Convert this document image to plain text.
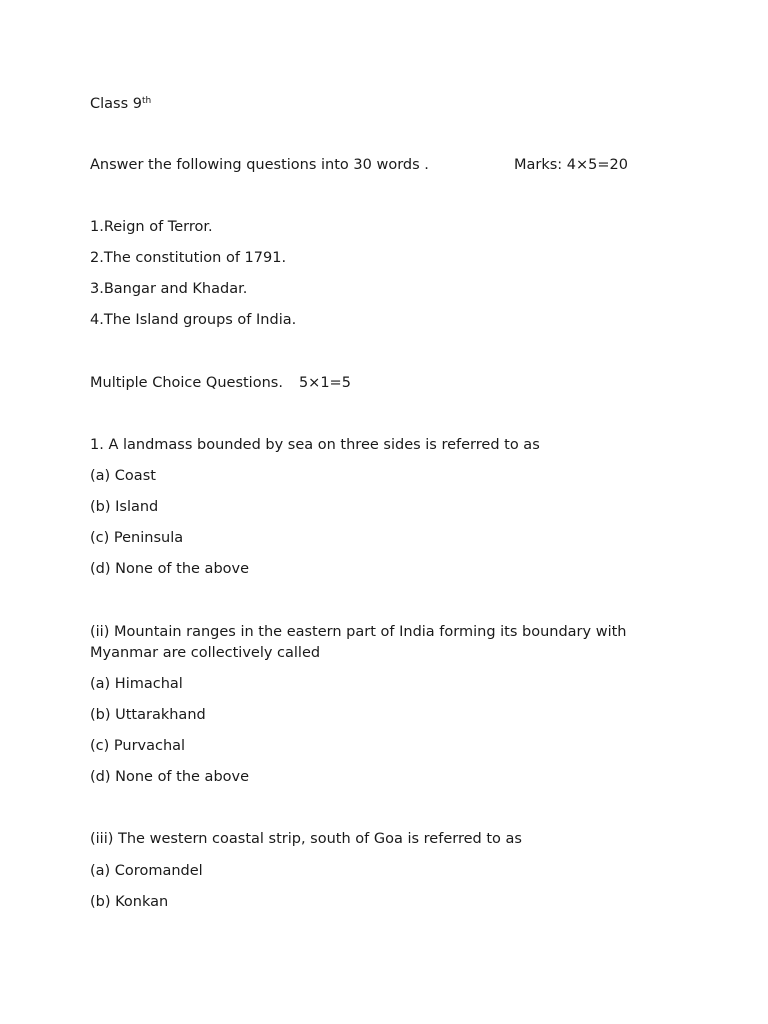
Class 9th
Answer the following questions into 30 words .	Marks: 4×5=20
1.Reign of Terror.
2.The constitution of 1791.
3.Bangar and Khadar.
4.The Island groups of India.
Multiple Choice Questions. 5×1=5
1. A landmass bounded by sea on three sides is referred to as
(a) Coast
(b) Island
(c) Peninsula
(d) None of the above
(ii) Mountain ranges in the eastern part of India forming its boundary with Myanmar are collectively called
(a) Himachal
(b) Uttarakhand
(c) Purvachal
(d) None of the above
(iii) The western coastal strip, south of Goa is referred to as
(a) Coromandel
(b) Konkan
